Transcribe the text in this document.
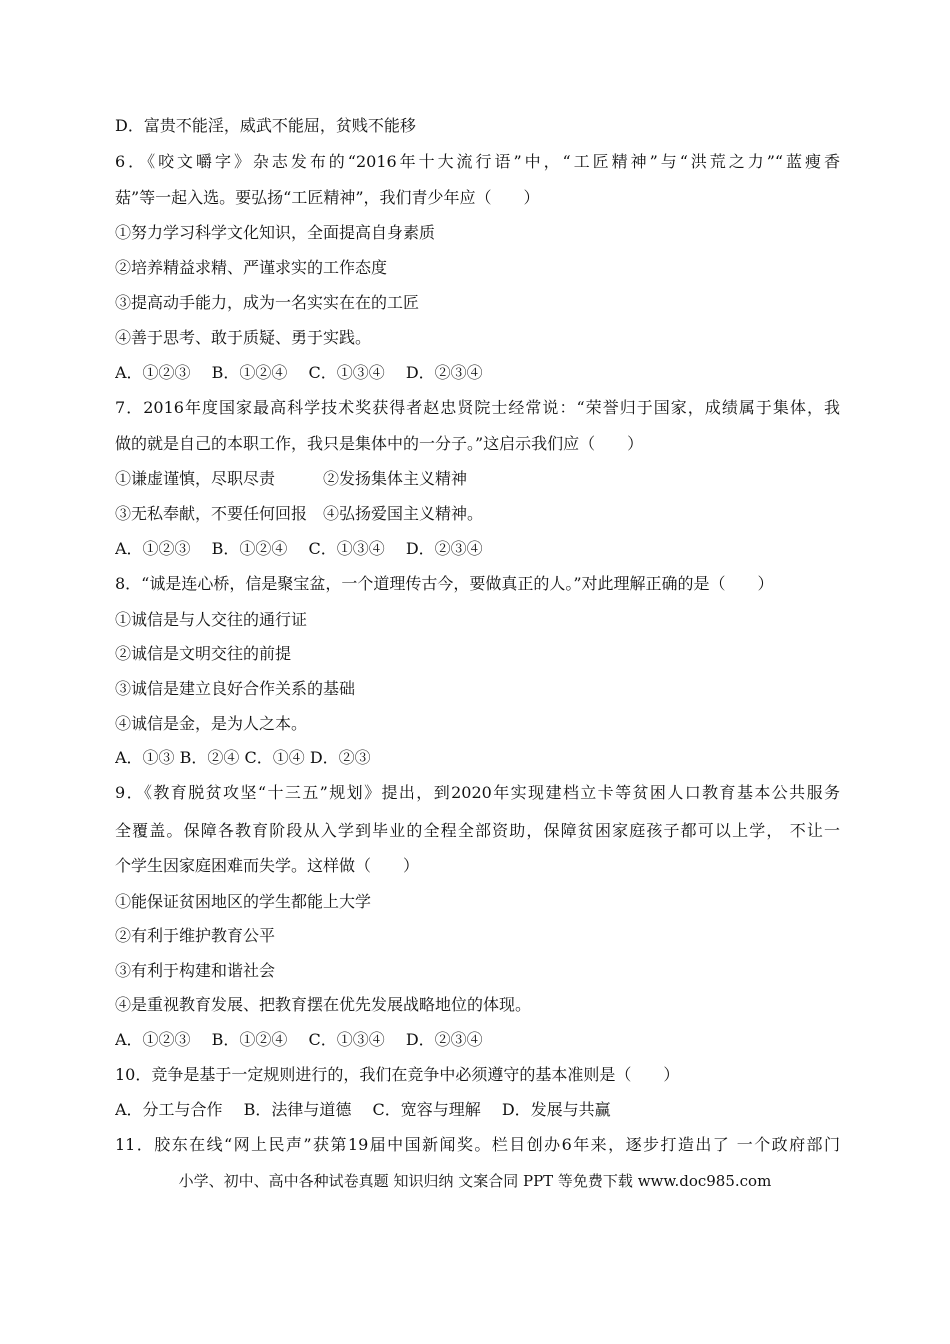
D．富贵不能淫，威武不能屈，贫贱不能移
6．《咬文嚼字》杂志发布的“2016年十大流行语”中，“工匠精神”与“洪荒之力”“蓝瘦香
菇”等一起入选。要弘扬“工匠精神”，我们青少年应（　　）
①努力学习科学文化知识，全面提高自身素质
②培养精益求精、严谨求实的工作态度
③提高动手能力，成为一名实实在在的工匠
④善于思考、敢于质疑、勇于实践。
A．①②③　 B．①②④　 C．①③④　 D．②③④
7．2016年度国家最高科学技术奖获得者赵忠贤院士经常说：“荣誉归于国家，成绩属于集体，我
做的就是自己的本职工作，我只是集体中的一分子。”这启示我们应（　　）
①谦虚谨慎，尽职尽责　　　②发扬集体主义精神
③无私奉献，不要任何回报　④弘扬爱国主义精神。
A．①②③　 B．①②④　 C．①③④　 D．②③④
8．“诚是连心桥，信是聚宝盆，一个道理传古今，要做真正的人。”对此理解正确的是（　　）
①诚信是与人交往的通行证
②诚信是文明交往的前提
③诚信是建立良好合作关系的基础
④诚信是金，是为人之本。
A．①③ B．②④ C．①④ D．②③
9．《教育脱贫攻坚“十三五”规划》提出，到2020年实现建档立卡等贫困人口教育基本公共服务
全覆盖。保障各教育阶段从入学到毕业的全程全部资助，保障贫困家庭孩子都可以上学， 不让一
个学生因家庭困难而失学。这样做（　　）
①能保证贫困地区的学生都能上大学
②有利于维护教育公平
③有利于构建和谐社会
④是重视教育发展、把教育摆在优先发展战略地位的体现。
A．①②③　 B．①②④　 C．①③④　 D．②③④
10．竞争是基于一定规则进行的，我们在竞争中必须遵守的基本准则是（　　）
A．分工与合作　 B．法律与道德　 C．宽容与理解　 D．发展与共赢
11．胶东在线“网上民声”获第19届中国新闻奖。栏目创办6年来，逐步打造出了 一个政府部门
小学、初中、高中各种试卷真题 知识归纳 文案合同 PPT 等免费下载 www.doc985.com
